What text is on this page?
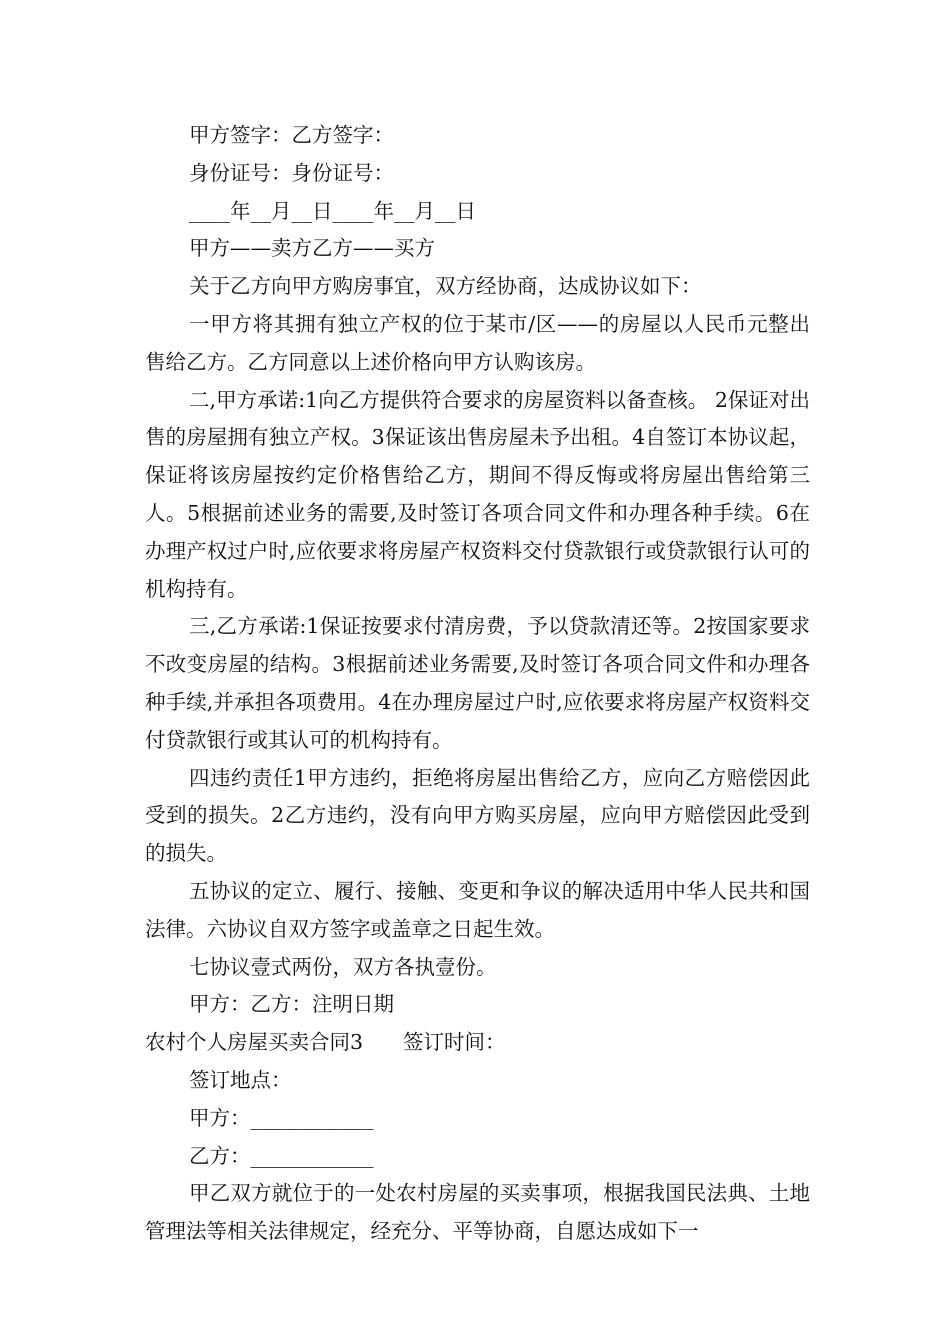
甲方签字：乙方签字：

身份证号：身份证号：

____年__月__日____年__月__日

甲方——卖方乙方——买方

关于乙方向甲方购房事宜，双方经协商，达成协议如下：

一甲方将其拥有独立产权的位于某市/区——的房屋以人民币元整出售给乙方。乙方同意以上述价格向甲方认购该房。

二,甲方承诺:1向乙方提供符合要求的房屋资料以备查核。 2保证对出售的房屋拥有独立产权。3保证该出售房屋未予出租。4自签订本协议起，保证将该房屋按约定价格售给乙方，期间不得反悔或将房屋出售给第三人。5根据前述业务的需要,及时签订各项合同文件和办理各种手续。6在办理产权过户时,应依要求将房屋产权资料交付贷款银行或贷款银行认可的机构持有。

三,乙方承诺:1保证按要求付清房费，予以贷款清还等。2按国家要求不改变房屋的结构。3根据前述业务需要,及时签订各项合同文件和办理各种手续,并承担各项费用。4在办理房屋过户时,应依要求将房屋产权资料交付贷款银行或其认可的机构持有。

四违约责任1甲方违约，拒绝将房屋出售给乙方，应向乙方赔偿因此受到的损失。2乙方违约，没有向甲方购买房屋，应向甲方赔偿因此受到的损失。

五协议的定立、履行、接触、变更和争议的解决适用中华人民共和国法律。六协议自双方签字或盖章之日起生效。

七协议壹式两份，双方各执壹份。

甲方：乙方：注明日期

农村个人房屋买卖合同3 签订时间：

签订地点：

甲方：____________

乙方：____________

甲乙双方就位于的一处农村房屋的买卖事项，根据我国民法典、土地管理法等相关法律规定，经充分、平等协商，自愿达成如下一
